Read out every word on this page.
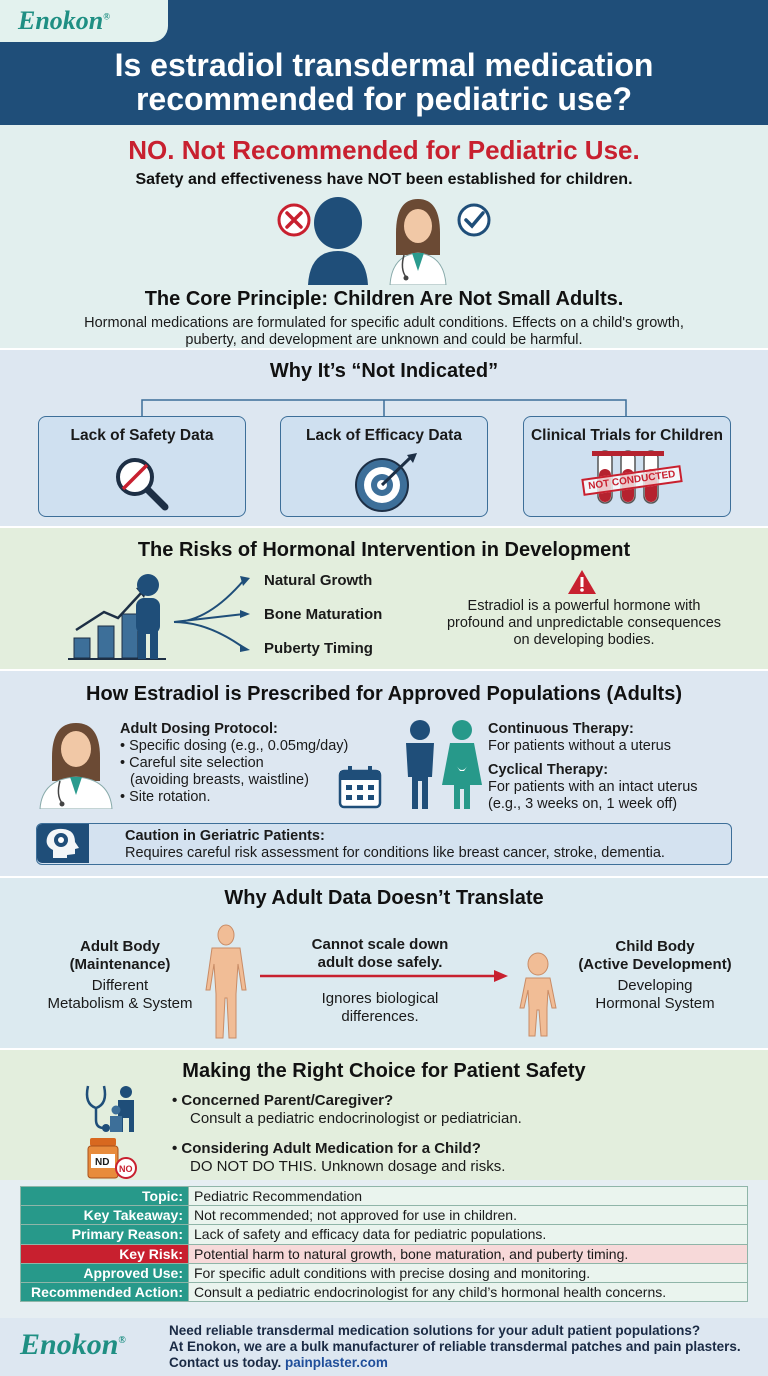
Is estradiol transdermal medication recommended for pediatric use?
Enokon®
NO. Not Recommended for Pediatric Use.
Safety and effectiveness have NOT been established for children.
The Core Principle: Children Are Not Small Adults.
Hormonal medications are formulated for specific adult conditions. Effects on a child's growth, puberty, and development are unknown and could be harmful.
Why It’s “Not Indicated”
Lack of Safety Data	Lack of Efficacy Data	Clinical Trials for Children
NOT CONDUCTED
The Risks of Hormonal Intervention in Development
Natural Growth
Bone Maturation
Puberty Timing
Estradiol is a powerful hormone with profound and unpredictable consequences on developing bodies.
How Estradiol is Prescribed for Approved Populations (Adults)
Adult Dosing Protocol:
• Specific dosing (e.g., 0.05mg/day)
• Careful site selection
(avoiding breasts, waistline)
• Site rotation.
Continuous Therapy:
For patients without a uterus
Cyclical Therapy:
For patients with an intact uterus
(e.g., 3 weeks on, 1 week off)
Caution in Geriatric Patients:
Requires careful risk assessment for conditions like breast cancer, stroke, dementia.
Why Adult Data Doesn’t Translate
Adult Body
(Maintenance)
Different
Metabolism & System
Cannot scale down
adult dose safely.
Ignores biological
differences.
Child Body
(Active Development)
Developing
Hormonal System
Making the Right Choice for Patient Safety
• Concerned Parent/Caregiver?
Consult a pediatric endocrinologist or pediatrician.
ND
NO
• Considering Adult Medication for a Child?
DO NOT DO THIS. Unknown dosage and risks.
Topic:	Pediatric Recommendation
Key Takeaway:	Not recommended; not approved for use in children.
Primary Reason:	Lack of safety and efficacy data for pediatric populations.
Key Risk:	Potential harm to natural growth, bone maturation, and puberty timing.
Approved Use:	For specific adult conditions with precise dosing and monitoring.
Recommended Action:	Consult a pediatric endocrinologist for any child’s hormonal health concerns.
Enokon®
Need reliable transdermal medication solutions for your adult patient populations?
At Enokon, we are a bulk manufacturer of reliable transdermal patches and pain plasters.
Contact us today. painplaster.com
